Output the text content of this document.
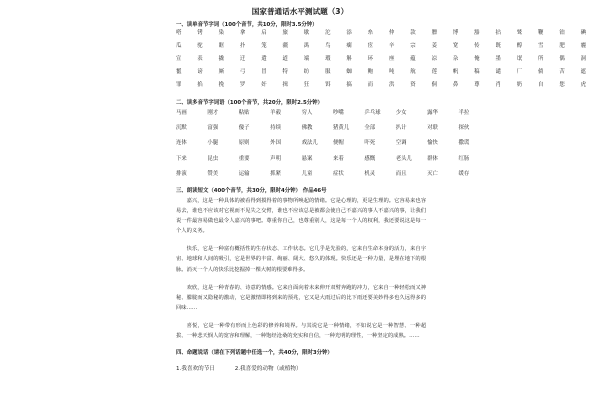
国家普通话水平测试题（3）
一、读单音节字词（100个音节，共10分，限时3.5分钟）
嗒	铐	染	拿	启	旅	歇	沱	添	糸	仲	款	膘	博	豁	拈	鹫	鞭	铂	碘
瓜	驼	眶	扑	笼	疆	禺	鸟	瘸	宦	辛	宗	姜	宽	传	既	醇	雪	肥	霾
宣	表	撬	迁	遣	道	端	瑕	斛	环	座	蕴	凉	杂	俺	墨	氓	所	偶	洞
鬣	谤	厮	弓	冒	特	纺	服	蜘	鲍	吨	航	莲	帆	稿	谴	厂	倘	苦	遮
罪	掐	挽	罗	奸	揖	狂	饵	搞	而	洪	资	侗	鼻	尊	肖	奶	自	您	虎
二、读多音节字词语（100个音节，共20分，限时2.5分钟）
马画	刚才	粘贴	羊毅	穷人	吵嘴	乒乓球	少女	露华	半拉
沉默	富强	傻子	持续	佛教	猪黄儿	全部	扒计	对联	探伙
连体	小腿	原则	外国	戏法儿	便帽	吓死	空调	愉快	撒谎
下来	昆虫	重要	声明	悬案	来着	感慨	老头儿	群体	红肠
排演	赞美	运输	抓紧	儿童	症状	机灵	而且	灭亡	缓存
三、朗读短文（400个音节，共30分，限时4分钟） 作品46号

嘉兴，这是一种具体的被看得到摸得着的事物所唤起的情绪。它是心理的，更是生理的。它容易来也容易去，谁也不应该对它视而不见失之交臂，谁也不应该总是被都会使自己不嘉兴的事人不嘉兴的事，让我们说一件最容易做也最令人嘉兴的事吧。尊重你自己，也尊重别人，这是每一个人的权利，我还要说这是每一个人的义务。

快乐，它是一种富有概括性的生存状态、工作状态。它几乎是先验的，它来自生命本身的活力，来自宇宙、地球和人间的吸引，它是世界的丰富、绚丽、阔大、悠久的体现。快乐还是一种力量，是埋在地下的根脉。消灭一个人的快乐比挖掘掉一棵大树的根要难得多。

欢欣，这是一种青春的、诗意的情感。它来自面向着未来伸开双臂奔跑的冲力，它来自一种轻松而又神秘、朦胧而又隐秘的激动，它是激情即将到来的预兆，它又是大雨过后的比下雨还要美妙得多也久远得多的回味……

喜悦，它是一种带有形而上色彩的修养和境界。与其说它是一种情绪，不如说它是一种智慧、一种超拔、一种悲天悯人的宽容和理解，一种饱经沧桑的充实和自信，一种光明的理性，一种坚定的成熟。……

四、命题说话（请在下列话题中任选一个，共40分，限时3分钟）
1.我喜欢的节日	2.我喜爱的动物（或植物）
